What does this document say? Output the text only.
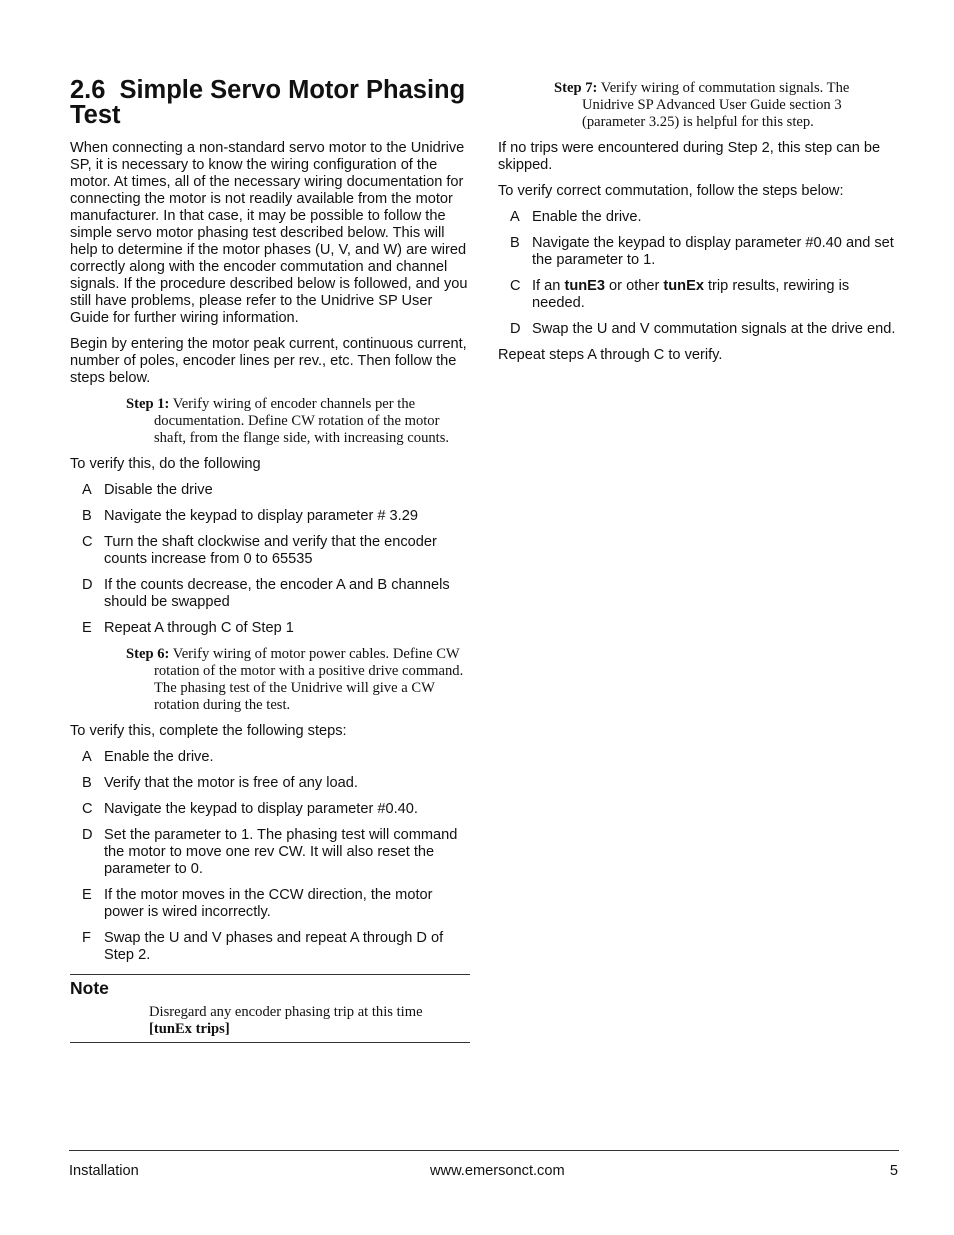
2.6 Simple Servo Motor Phasing Test

When connecting a non-standard servo motor to the Unidrive SP, it is necessary to know the wiring configuration of the motor. At times, all of the necessary wiring documentation for connecting the motor is not readily available from the motor manufacturer. In that case, it may be possible to follow the simple servo motor phasing test described below. This will help to determine if the motor phases (U, V, and W) are wired correctly along with the encoder commutation and channel signals. If the procedure described below is followed, and you still have problems, please refer to the Unidrive SP User Guide for further wiring information.

Begin by entering the motor peak current, continuous current, number of poles, encoder lines per rev., etc. Then follow the steps below.

Step 1: Verify wiring of encoder channels per the documentation. Define CW rotation of the motor shaft, from the flange side, with increasing counts.

To verify this, do the following

A Disable the drive
B Navigate the keypad to display parameter # 3.29
C Turn the shaft clockwise and verify that the encoder counts increase from 0 to 65535
D If the counts decrease, the encoder A and B channels should be swapped
E Repeat A through C of Step 1
Step 6: Verify wiring of motor power cables. Define CW rotation of the motor with a positive drive command. The phasing test of the Unidrive will give a CW rotation during the test.

To verify this, complete the following steps:

A Enable the drive.
B Verify that the motor is free of any load.
C Navigate the keypad to display parameter #0.40.
D Set the parameter to 1. The phasing test will command the motor to move one rev CW. It will also reset the parameter to 0.
E If the motor moves in the CCW direction, the motor power is wired incorrectly.
F Swap the U and V phases and repeat A through D of Step 2.
Note
Disregard any encoder phasing trip at this time
[tunEx trips]
Step 7: Verify wiring of commutation signals. The Unidrive SP Advanced User Guide section 3 (parameter 3.25) is helpful for this step.

If no trips were encountered during Step 2, this step can be skipped.

To verify correct commutation, follow the steps below:

A Enable the drive.
B Navigate the keypad to display parameter #0.40 and set the parameter to 1.
C If an tunE3 or other tunEx trip results, rewiring is needed.
D Swap the U and V commutation signals at the drive end.

Repeat steps A through C to verify.

Installation	www.emersonct.com	5
